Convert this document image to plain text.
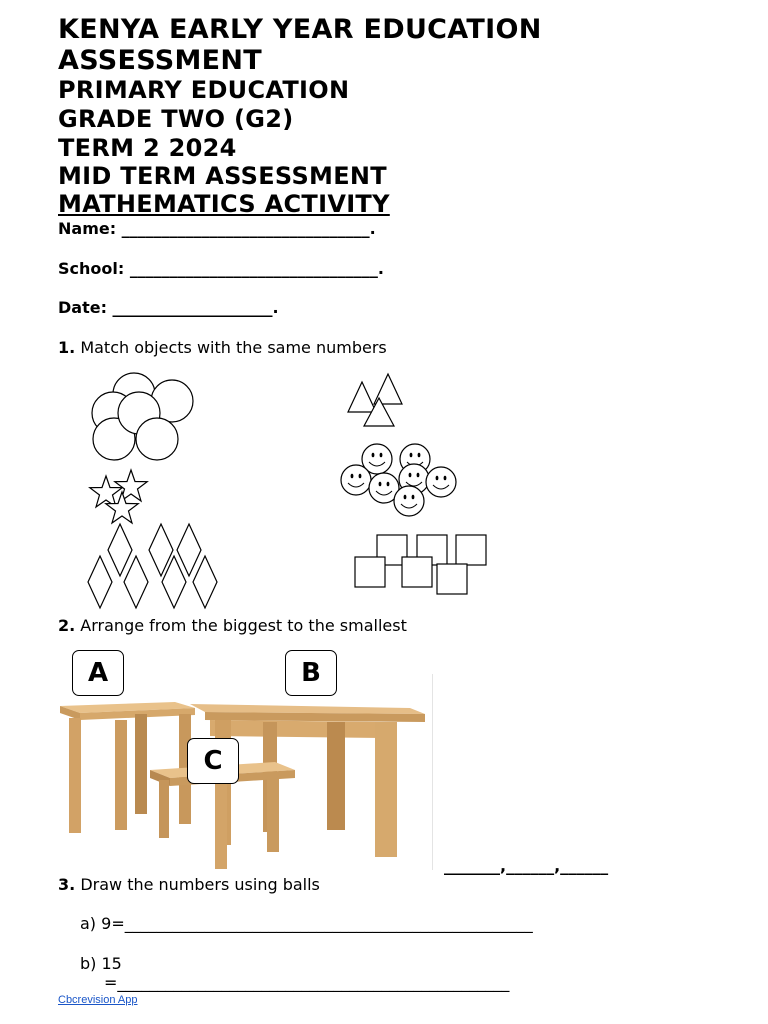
KENYA EARLY YEAR EDUCATION
ASSESSMENT
PRIMARY EDUCATION
GRADE TWO (G2)
TERM 2 2024
MID TERM ASSESSMENT
MATHEMATICS ACTIVITY
Name: _______________________________.
School: _______________________________.
Date: ____________________.
1. Match objects with the same numbers
2. Arrange from the biggest to the smallest
A	B
C
_______,______,______
3. Draw the numbers using balls
a) 9=___________________________________________________
b) 15
=_________________________________________________
Cbcrevision App
